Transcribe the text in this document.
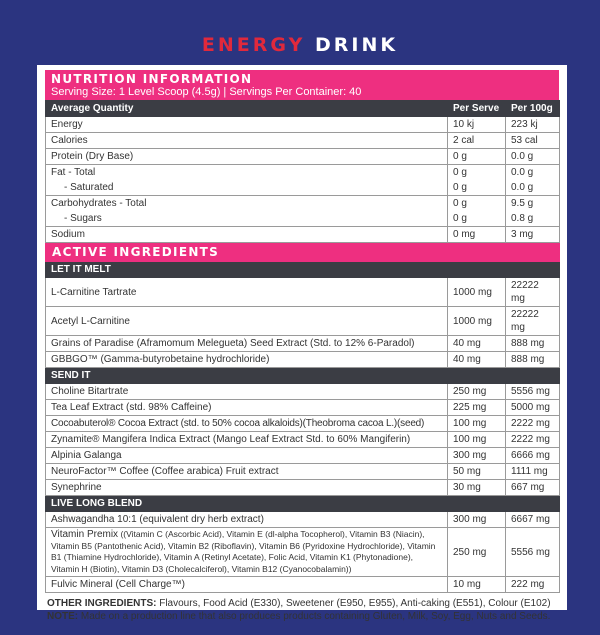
ENERGY DRINK
NUTRITION INFORMATION
Serving Size: 1 Level Scoop (4.5g) | Servings Per Container: 40
Average Quantity	Per Serve	Per 100g
Energy	10 kj	223 kj
Calories	2 cal	53 cal
Protein (Dry Base)	0 g	0.0 g
Fat - Total	0 g	0.0 g
- Saturated	0 g	0.0 g
Carbohydrates - Total	0 g	9.5 g
- Sugars	0 g	0.8 g
Sodium	0 mg	3 mg
ACTIVE INGREDIENTS		
LET IT MELT		
L-Carnitine Tartrate	1000 mg	22222 mg
Acetyl L-Carnitine	1000 mg	22222 mg
Grains of Paradise (Aframomum Melegueta) Seed Extract (Std. to 12% 6-Paradol)	40 mg	888 mg
GBBGO™ (Gamma-butyrobetaine hydrochloride)	40 mg	888 mg
SEND IT		
Choline Bitartrate	250 mg	5556 mg
Tea Leaf Extract (std. 98% Caffeine)	225 mg	5000 mg
Cocoabuterol® Cocoa Extract (std. to 50% cocoa alkaloids)(Theobroma cacoa L.)(seed)	100 mg	2222 mg
Zynamite® Mangifera Indica Extract (Mango Leaf Extract Std. to 60% Mangiferin)	100 mg	2222 mg
Alpinia Galanga	300 mg	6666 mg
NeuroFactor™ Coffee (Coffee arabica) Fruit extract	50 mg	1111 mg
Synephrine	30 mg	667 mg
LIVE LONG BLEND		
Ashwagandha 10:1 (equivalent dry herb extract)	300 mg	6667 mg
Vitamin Premix ((Vitamin C (Ascorbic Acid), Vitamin E (dl-alpha Tocopherol), Vitamin B3 (Niacin), Vitamin B5 (Pantothenic Acid), Vitamin B2 (Riboflavin), Vitamin B6 (Pyridoxine Hydrochloride), Vitamin B1 (Thiamine Hydrochloride), Vitamin A (Retinyl Acetate), Folic Acid, Vitamin K1 (Phytonadione), Vitamin H (Biotin), Vitamin D3 (Cholecalciferol), Vitamin B12 (Cyanocobalamin))	250 mg	5556 mg
Fulvic Mineral (Cell Charge™)	10 mg	222 mg
OTHER INGREDIENTS: Flavours, Food Acid (E330), Sweetener (E950, E955), Anti-caking (E551), Colour (E102)
NOTE: Made on a production line that also produces products containing Gluten, Milk, Soy, Egg, Nuts and Seeds.
